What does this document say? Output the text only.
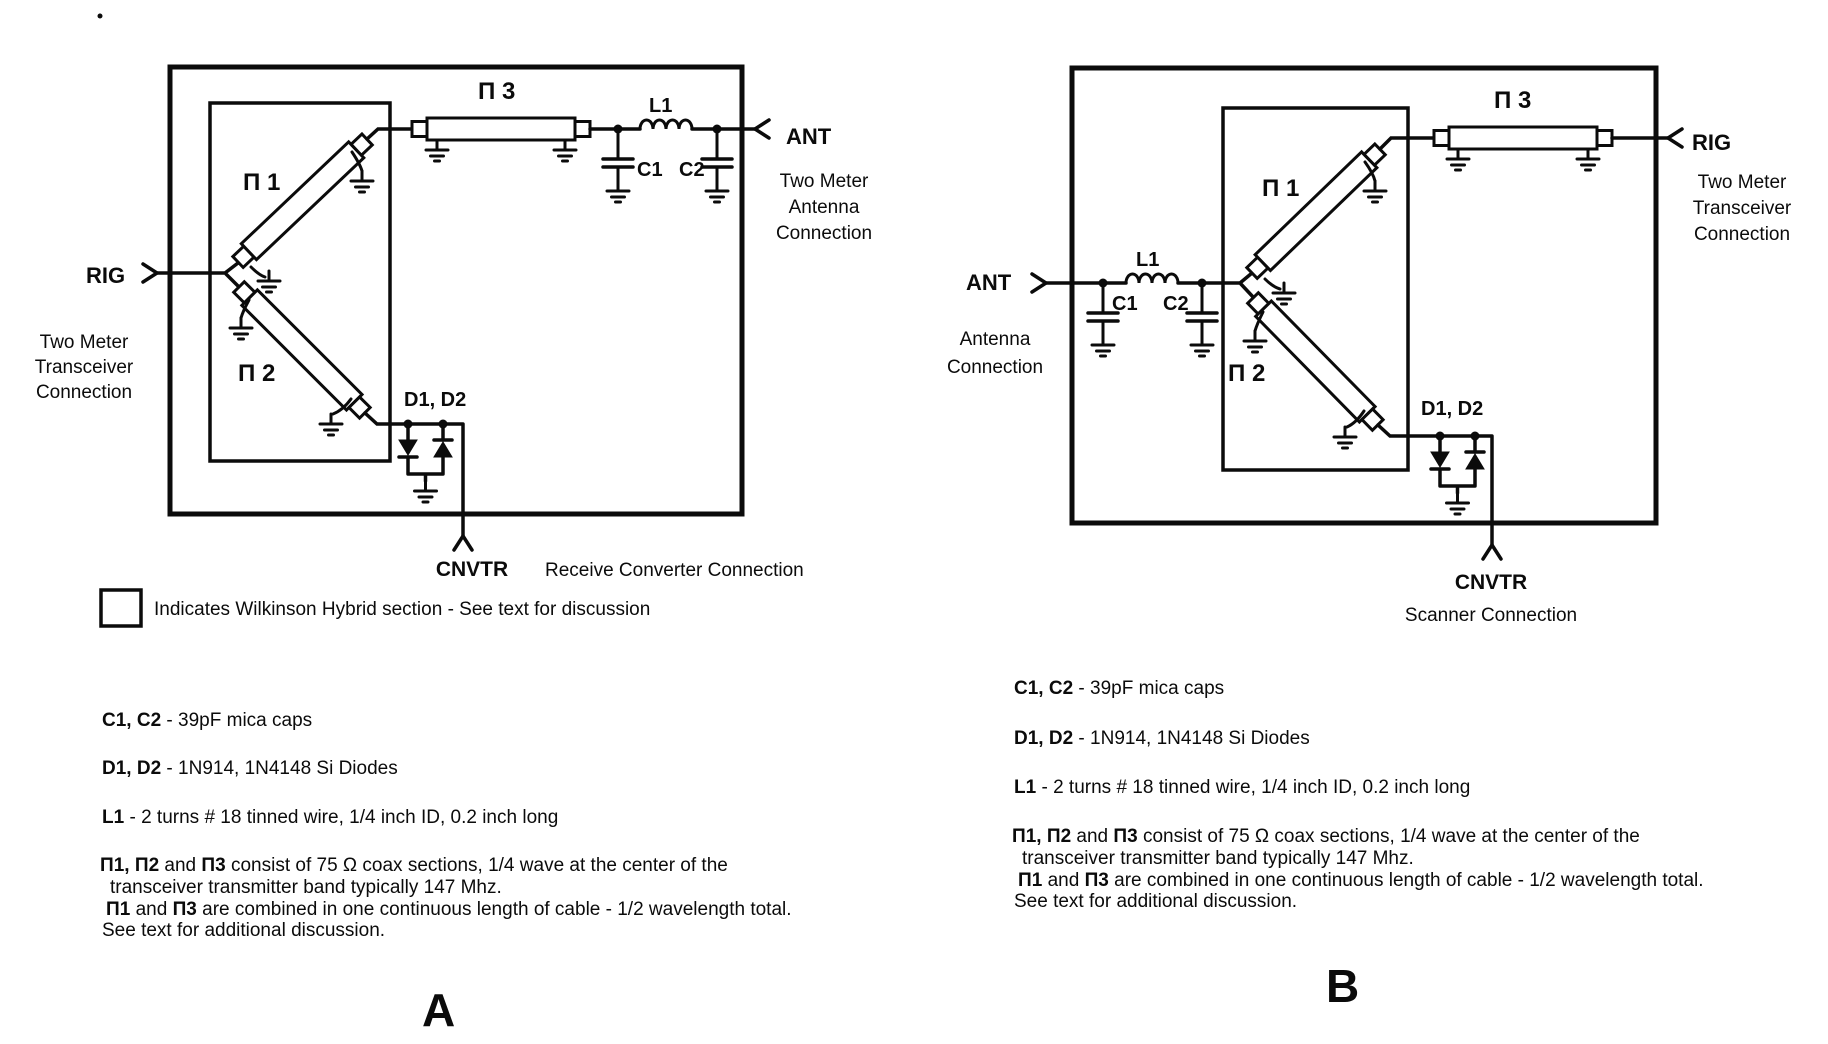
RIG
Two Meter
Transceiver
Connection
Π 1
Π 3
L1
C1 C2
ANT
Two Meter
Antenna
Connection
Π 2
D1, D2
CNVTR Receive Converter Connection
Indicates Wilkinson Hybrid section - See text for discussion
C1, C2 - 39pF mica caps
D1, D2 - 1N914, 1N4148 Si Diodes
L1 - 2 turns # 18 tinned wire, 1/4 inch ID, 0.2 inch long
Π1, Π2 and Π3 consist of 75 Ω coax sections, 1/4 wave at the center of the
transceiver transmitter band typically 147 Mhz.
Π1 and Π3 are combined in one continuous length of cable - 1/2 wavelength total.
See text for additional discussion.
A
L1
C1 C2
ANT
Antenna
Connection
Π 1
Π 3
RIG
Two Meter
Transceiver
Connection
Π 2
D1, D2
CNVTR
Scanner Connection
C1, C2 - 39pF mica caps
D1, D2 - 1N914, 1N4148 Si Diodes
L1 - 2 turns # 18 tinned wire, 1/4 inch ID, 0.2 inch long
Π1, Π2 and Π3 consist of 75 Ω coax sections, 1/4 wave at the center of the
transceiver transmitter band typically 147 Mhz.
Π1 and Π3 are combined in one continuous length of cable - 1/2 wavelength total.
See text for additional discussion.
B
